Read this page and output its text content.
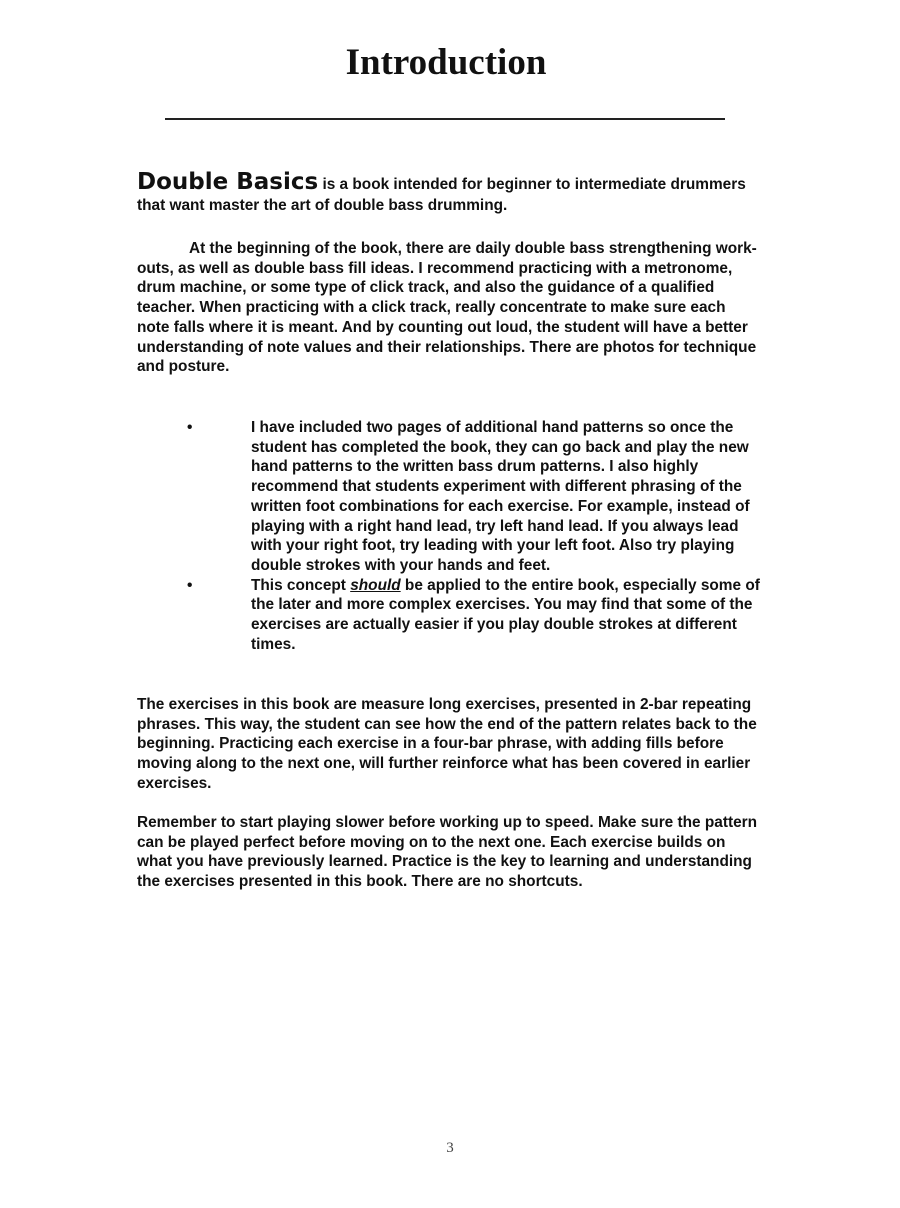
Introduction

Double Basics is a book intended for beginner to intermediate drummers that want master the art of double bass drumming.

At the beginning of the book, there are daily double bass strengthening work- outs, as well as double bass fill ideas. I recommend practicing with a metronome, drum machine, or some type of click track, and also the guidance of a qualified teacher. When practicing with a click track, really concentrate to make sure each note falls where it is meant. And by counting out loud, the student will have a better understanding of note values and their relationships. There are photos for technique and posture.

•	I have included two pages of additional hand patterns so once the student has completed the book, they can go back and play the new hand patterns to the written bass drum patterns. I also highly recommend that students experiment with different phrasing of the written foot combinations for each exercise. For example, instead of playing with a right hand lead, try left hand lead. If you always lead with your right foot, try leading with your left foot. Also try playing double strokes with your hands and feet.
•	This concept should be applied to the entire book, especially some of the later and more complex exercises. You may find that some of the exercises are actually easier if you play double strokes at different times.

The exercises in this book are measure long exercises, presented in 2-bar repeating phrases. This way, the student can see how the end of the pattern relates back to the beginning. Practicing each exercise in a four-bar phrase, with adding fills before moving along to the next one, will further reinforce what has been covered in earlier exercises.

Remember to start playing slower before working up to speed. Make sure the pattern can be played perfect before moving on to the next one. Each exercise builds on what you have previously learned. Practice is the key to learning and understanding the exercises presented in this book. There are no shortcuts.

3
